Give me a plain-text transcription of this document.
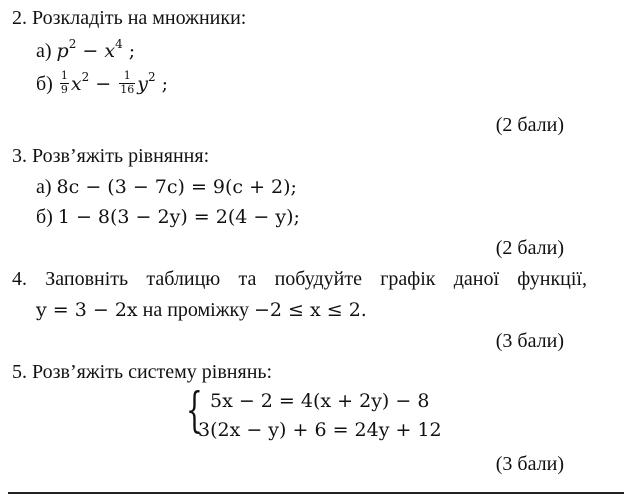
2. Розкладіть на множники:
а) $p^2 - x^4$ ;
$б) \frac{1}{9} x^2 - \frac{1}{16} y^2$ ;
(2 бали)
3. Розв’яжіть рівняння:
а) 8c − (3 − 7c) = 9(c + 2);
б) 1 − 8(3 − 2y) = 2(4 − y);
(2 бали)
4. Заповніть таблицю та побудуйте графік даної функції,
y = 3 − 2x на проміжку −2 ≤ x ≤ 2.
(3 бали)
5. Розв’яжіть систему рівнянь:
{ 5x − 2 = 4(x + 2y) − 8
3(2x − y) + 6 = 24y + 12
(3 бали)
